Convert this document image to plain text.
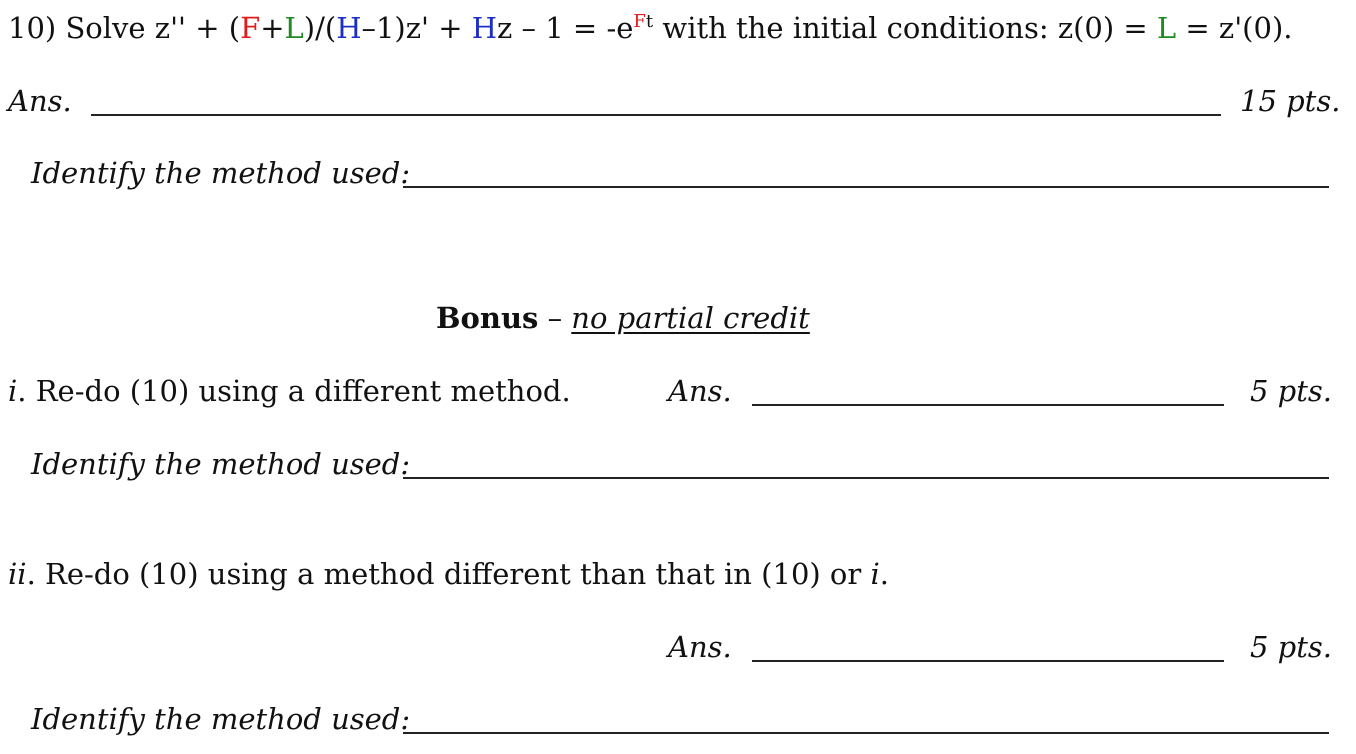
10) Solve $z'' + (F+L)/(H-1)z' + Hz - 1 = -e^{Ft}$ with the initial conditions: z(0) = L = z'(0).
Ans.	15 pts.
Identify the method used:
Bonus – no partial credit
i. Re-do (10) using a different method.	Ans.	5 pts.
Identify the method used:
ii. Re-do (10) using a method different than that in (10) or i.
Ans.	5 pts.
Identify the method used:
